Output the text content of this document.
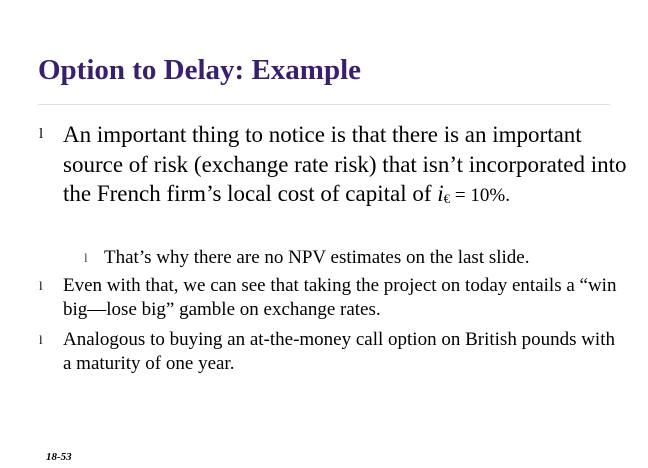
Option to Delay: Example
l An important thing to notice is that there is an important source of risk (exchange rate risk) that isn’t incorporated into the French firm’s local cost of capital of i€ = 10%.
l That’s why there are no NPV estimates on the last slide.
l Even with that, we can see that taking the project on today entails a “win big—lose big” gamble on exchange rates.
l Analogous to buying an at-the-money call option on British pounds with a maturity of one year.
18-53
